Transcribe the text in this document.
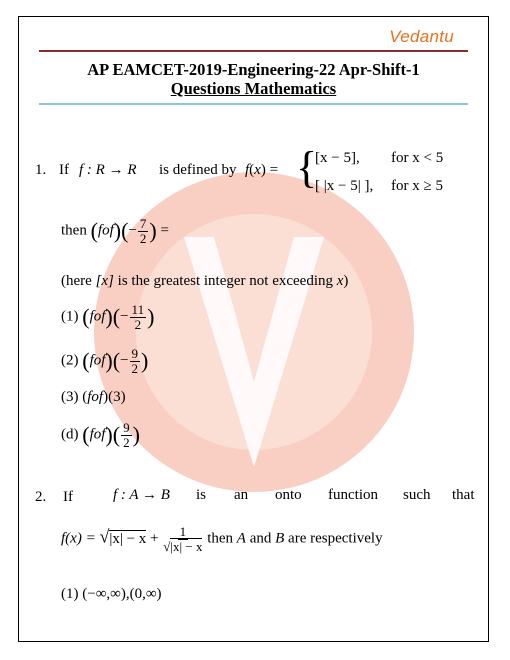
Vedantu
AP EAMCET-2019-Engineering-22 Apr-Shift-1
Questions Mathematics
1. If f : R → R is defined by f(x) = {
[x − 5], for x < 5
[ |x − 5| ], for x ≥ 5
then $(fof)(- \frac{7}{2}$ ) =
(here [x] is the greatest integer not exceeding x)
(1) $(fof)(- \frac{11}{2}$ )
(2) $(fof)(- \frac{9}{2}$ )
(3) (fof)(3)
(d) $(fof)( \frac{9}{2}$ )
2. If	f : A → B is an onto function such that
$f(x) = √|x| - x + \frac{1}{√|x| - x}$ then A and B are respectively
(1) (−∞,∞),(0,∞)
